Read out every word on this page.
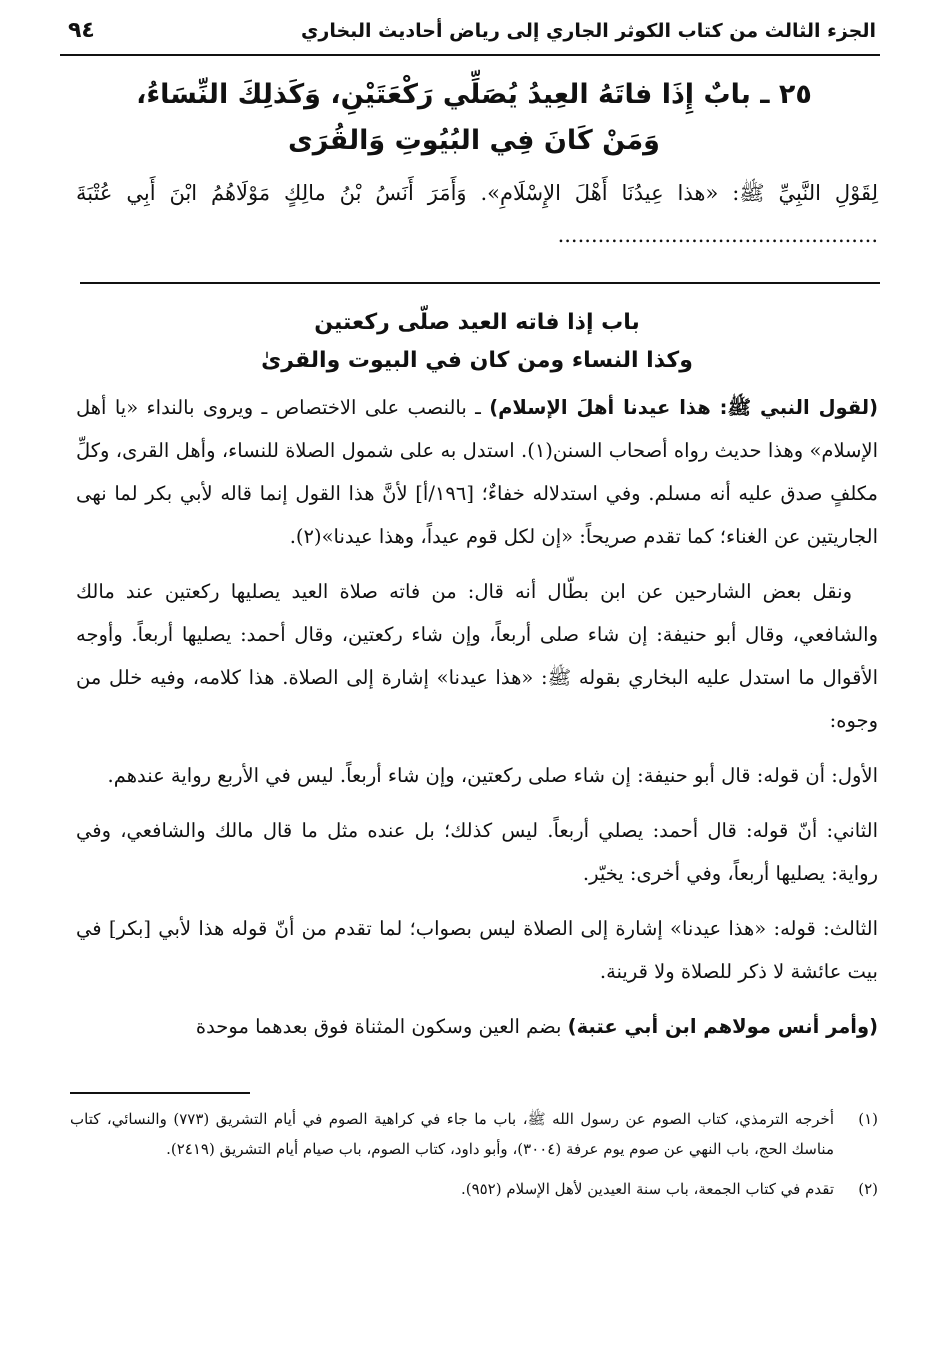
الجزء الثالث من كتاب الكوثر الجاري إلى رياض أحاديث البخاري
٩٤
٢٥ ـ بابٌ إِذَا فاتَهُ العِيدُ يُصَلِّي رَكْعَتَيْنِ، وَكَذلِكَ النِّسَاءُ،
وَمَنْ كَانَ فِي البُيُوتِ وَالقُرَى
لِقَوْلِ النَّبِيِّ ﷺ: «هذا عِيدُنَا أَهْلَ الإِسْلَامِ». وَأَمَرَ أَنَسُ بْنُ مالِكٍ مَوْلَاهُمُ ابْنَ أَبِي عُتْبَةَ ................................................
باب إذا فاته العيد صلّى ركعتين
وكذا النساء ومن كان في البيوت والقرىٰ

(لقول النبي ﷺ: هذا عيدنا أهلَ الإسلام) ـ بالنصب على الاختصاص ـ ويروى بالنداء «يا أهل الإسلام» وهذا حديث رواه أصحاب السنن(١). استدل به على شمول الصلاة للنساء، وأهل القرى، وكلِّ مكلفٍ صدق عليه أنه مسلم. وفي استدلاله خفاءٌ؛ [١٩٦/أ] لأنَّ هذا القول إنما قاله لأبي بكر لما نهى الجاريتين عن الغناء؛ كما تقدم صريحاً: «إن لكل قوم عيداً، وهذا عيدنا»(٢).

ونقل بعض الشارحين عن ابن بطّال أنه قال: من فاته صلاة العيد يصليها ركعتين عند مالك والشافعي، وقال أبو حنيفة: إن شاء صلى أربعاً، وإن شاء ركعتين، وقال أحمد: يصليها أربعاً. وأوجه الأقوال ما استدل عليه البخاري بقوله ﷺ: «هذا عيدنا» إشارة إلى الصلاة. هذا كلامه، وفيه خلل من وجوه:

الأول: أن قوله: قال أبو حنيفة: إن شاء صلى ركعتين، وإن شاء أربعاً. ليس في الأربع رواية عندهم.

الثاني: أنّ قوله: قال أحمد: يصلي أربعاً. ليس كذلك؛ بل عنده مثل ما قال مالك والشافعي، وفي رواية: يصليها أربعاً، وفي أخرى: يخيّر.

الثالث: قوله: «هذا عيدنا» إشارة إلى الصلاة ليس بصواب؛ لما تقدم من أنّ قوله هذا لأبي [بكر] في بيت عائشة لا ذكر للصلاة ولا قرينة.

(وأمر أنس مولاهم ابن أبي عتبة) بضم العين وسكون المثناة فوق بعدهما موحدة

(١)
أخرجه الترمذي، كتاب الصوم عن رسول الله ﷺ، باب ما جاء في كراهية الصوم في أيام التشريق (٧٧٣) والنسائي، كتاب مناسك الحج، باب النهي عن صوم يوم عرفة (٣٠٠٤)، وأبو داود، كتاب الصوم، باب صيام أيام التشريق (٢٤١٩).
(٢)
تقدم في كتاب الجمعة، باب سنة العيدين لأهل الإسلام (٩٥٢).
